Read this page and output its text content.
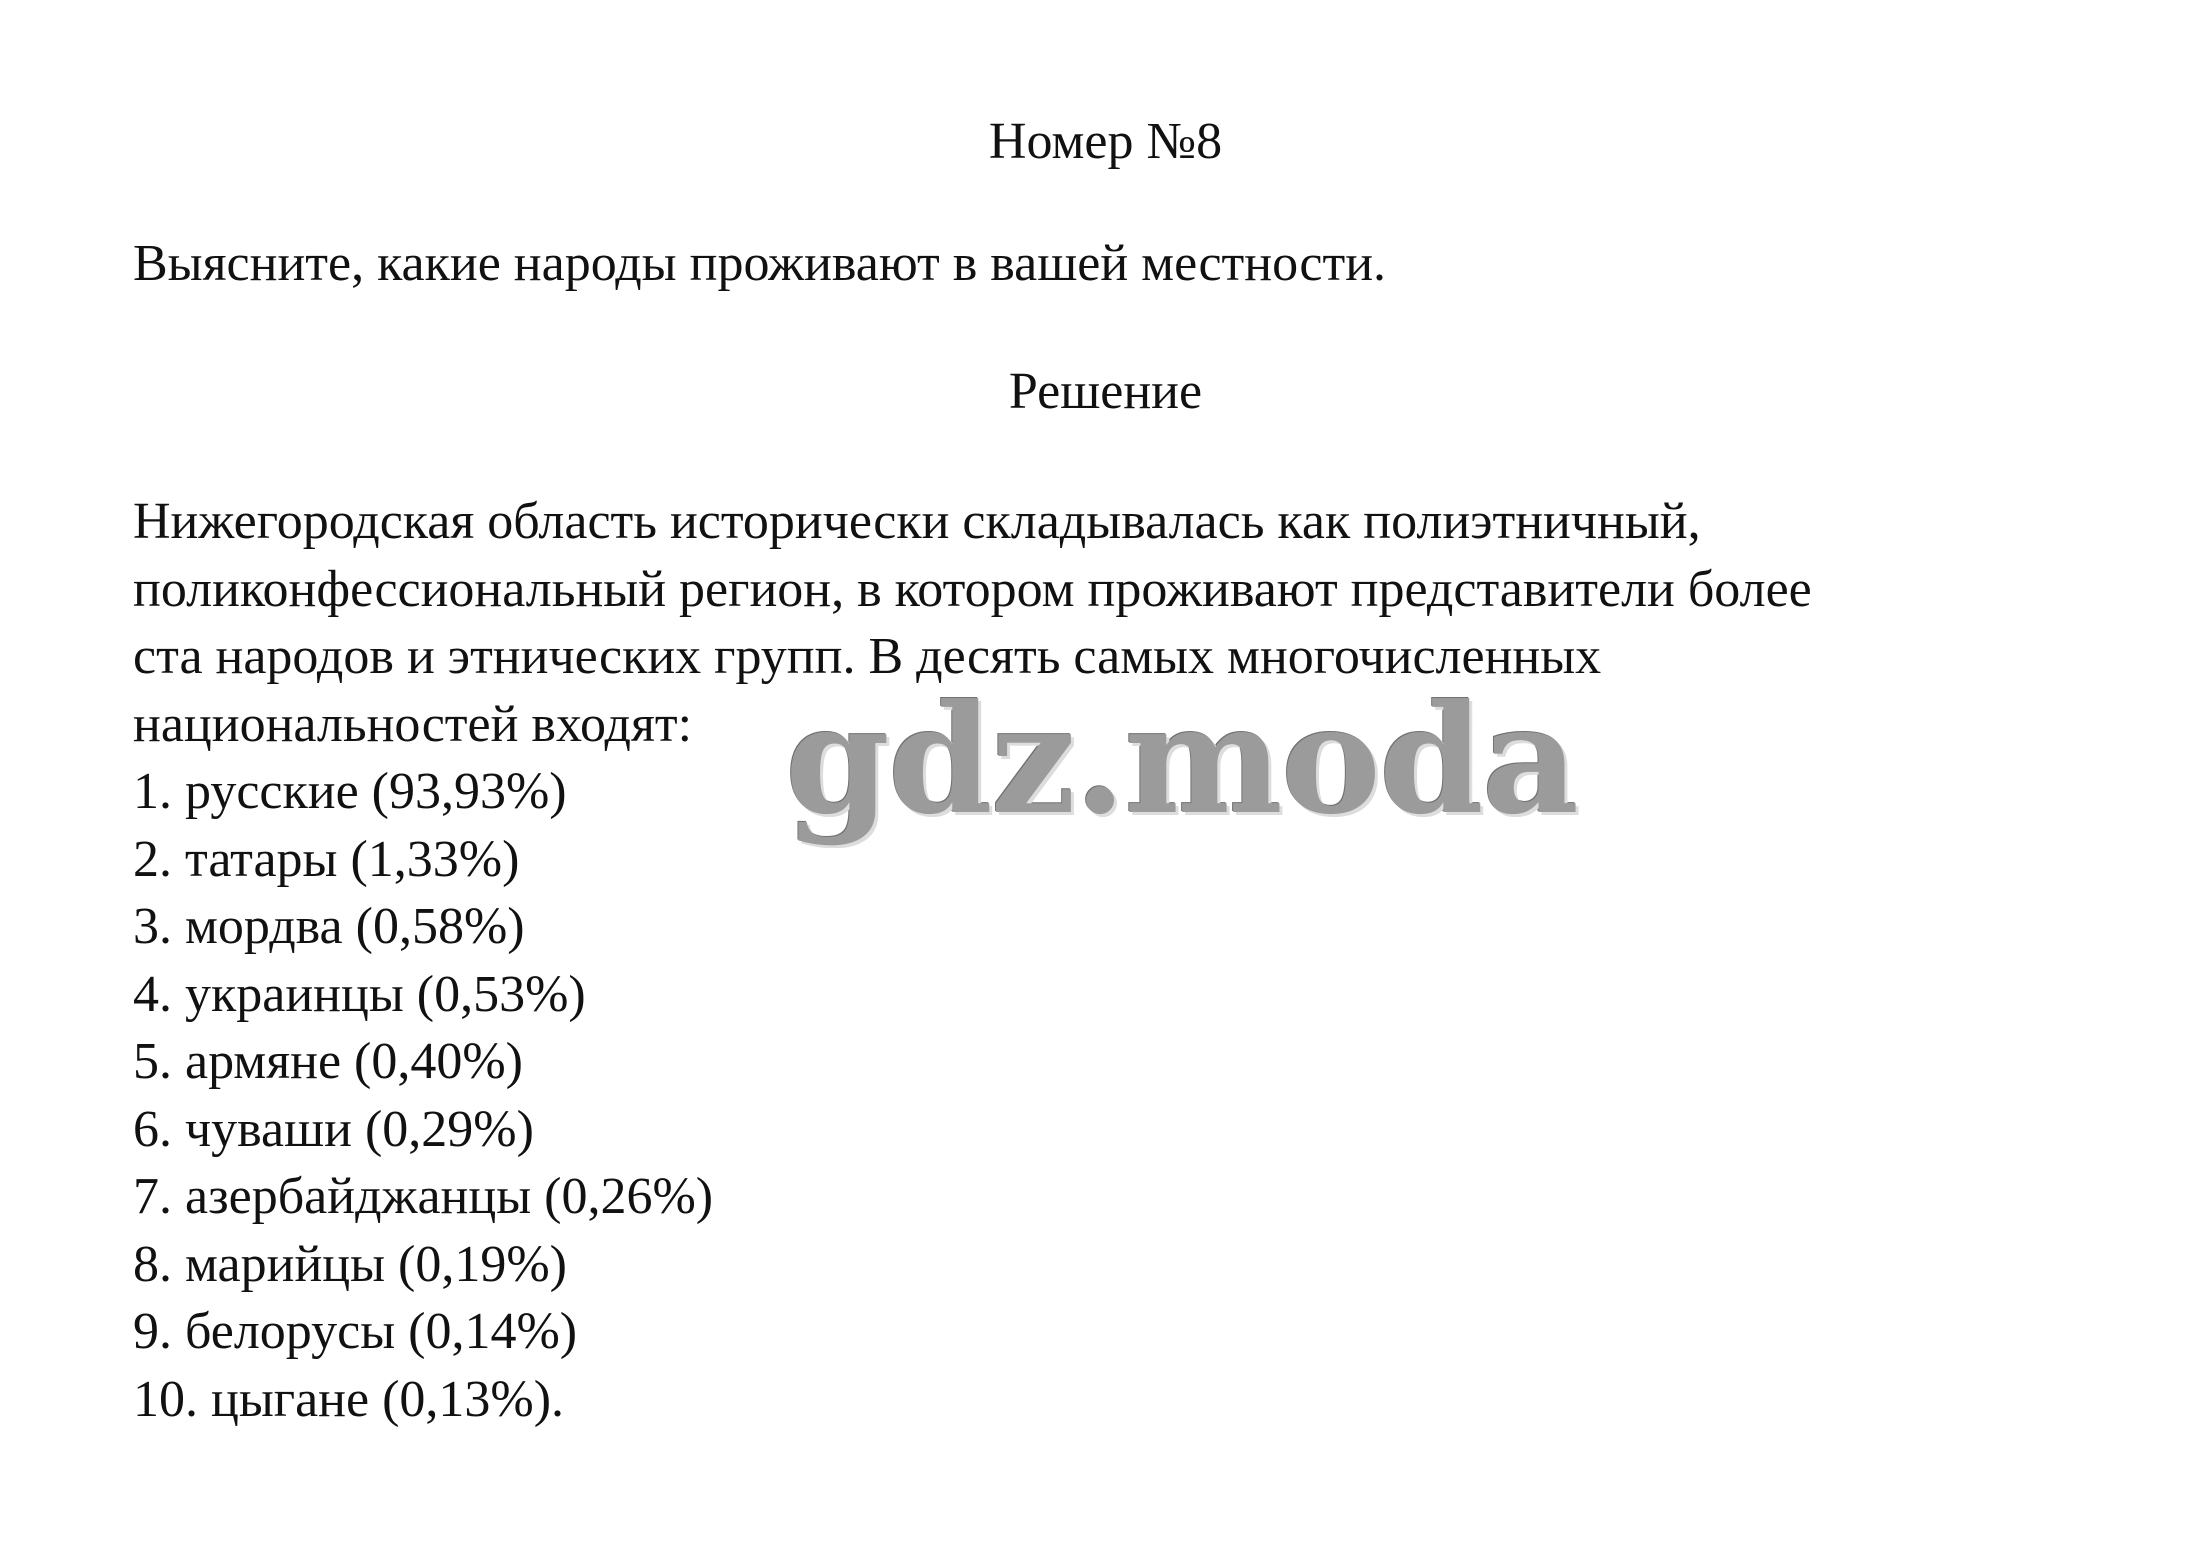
Номер №8
Выясните, какие народы проживают в вашей местности.
Решение
Нижегородская область исторически складывалась как полиэтничный,
поликонфессиональный регион, в котором проживают представители более
ста народов и этнических групп. В десять самых многочисленных
национальностей входят:
1. русские (93,93%)
2. татары (1,33%)
3. мордва (0,58%)
4. украинцы (0,53%)
5. армяне (0,40%)
6. чуваши (0,29%)
7. азербайджанцы (0,26%)
8. марийцы (0,19%)
9. белорусы (0,14%)
10. цыгане (0,13%).
gdz.moda
